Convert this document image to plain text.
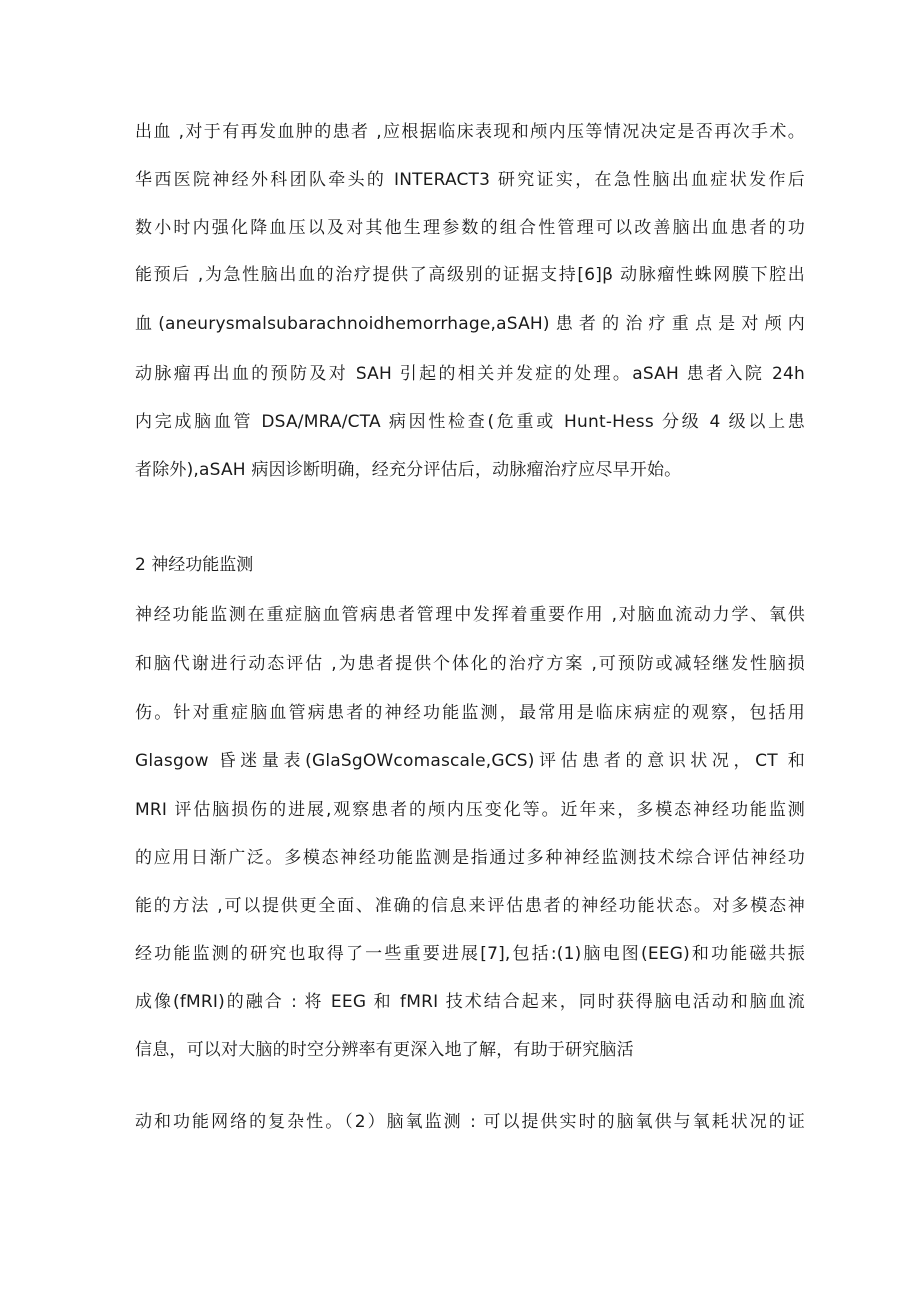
出血 ,对于有再发血肿的患者 ,应根据临床表现和颅内压等情况决定是否再次手术。
华西医院神经外科团队牵头的 INTERACT3 研究证实，在急性脑出血症状发作后
数小时内强化降血压以及对其他生理参数的组合性管理可以改善脑出血患者的功
能预后 ,为急性脑出血的治疗提供了高级别的证据支持[6]β 动脉瘤性蛛网膜下腔出
血(aneurysmalsubarachnoidhemorrhage,aSAH)患者的治疗重点是对颅内
动脉瘤再出血的预防及对 SAH 引起的相关并发症的处理。aSAH 患者入院 24h
内完成脑血管 DSA/MRA/CTA 病因性检查(危重或 Hunt-Hess 分级 4 级以上患
者除外),aSAH 病因诊断明确，经充分评估后，动脉瘤治疗应尽早开始。
2 神经功能监测
神经功能监测在重症脑血管病患者管理中发挥着重要作用 ,对脑血流动力学、氧供
和脑代谢进行动态评估 ,为患者提供个体化的治疗方案 ,可预防或减轻继发性脑损
伤。针对重症脑血管病患者的神经功能监测，最常用是临床病症的观察，包括用
Glasgow 昏迷量表(GlaSgOWcomascale,GCS)评估患者的意识状况，CT 和
MRI 评估脑损伤的进展,观察患者的颅内压变化等。近年来，多模态神经功能监测
的应用日渐广泛。多模态神经功能监测是指通过多种神经监测技术综合评估神经功
能的方法 ,可以提供更全面、准确的信息来评估患者的神经功能状态。对多模态神
经功能监测的研究也取得了一些重要进展[7],包括:(1)脑电图(EEG)和功能磁共振
成像(fMRI)的融合 : 将 EEG 和 fMRI 技术结合起来，同时获得脑电活动和脑血流
信息，可以对大脑的时空分辨率有更深入地了解，有助于研究脑活
动和功能网络的复杂性。（2）脑氧监测 : 可以提供实时的脑氧供与氧耗状况的证
